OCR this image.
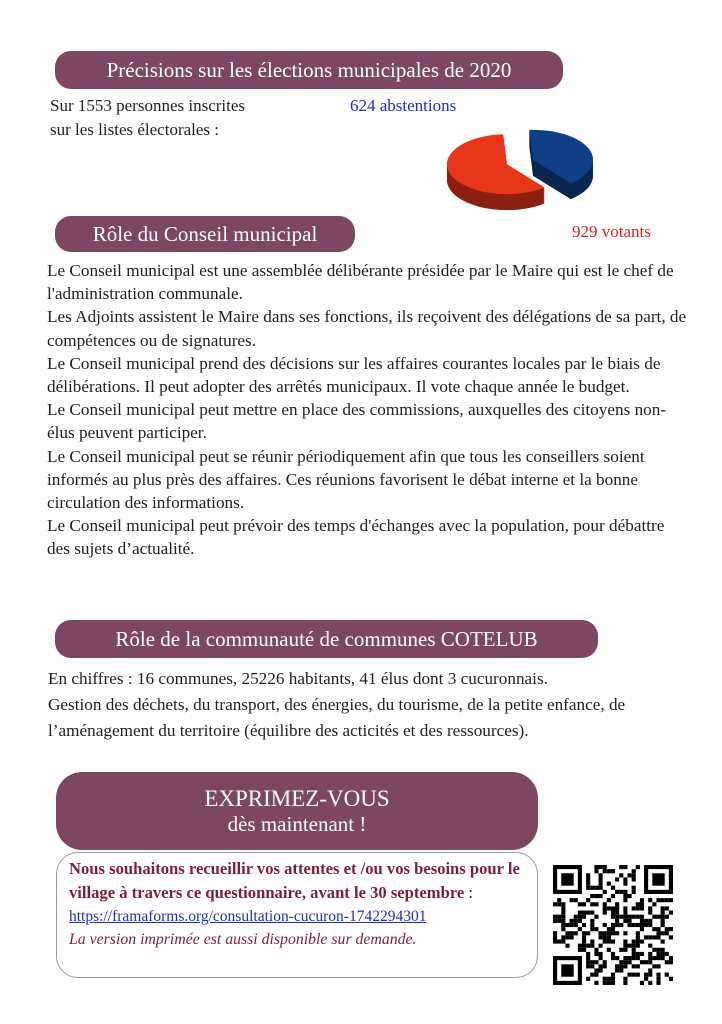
Précisions sur les élections municipales de 2020
Sur 1553 personnes inscrites
sur les listes électorales :
624 abstentions
929 votants
Rôle du Conseil municipal

Le Conseil municipal est une assemblée délibérante présidée par le Maire qui est le chef de l'administration communale.

Les Adjoints assistent le Maire dans ses fonctions, ils reçoivent des délégations de sa part, de compétences ou de signatures.

Le Conseil municipal prend des décisions sur les affaires courantes locales par le biais de délibérations. Il peut adopter des arrêtés municipaux. Il vote chaque année le budget.

Le Conseil municipal peut mettre en place des commissions, auxquelles des citoyens non-élus peuvent participer.

Le Conseil municipal peut se réunir périodiquement afin que tous les conseillers soient informés au plus près des affaires. Ces réunions favorisent le débat interne et la bonne circulation des informations.

Le Conseil municipal peut prévoir des temps d'échanges avec la population, pour débattre des sujets d’actualité.

Rôle de la communauté de communes COTELUB

En chiffres : 16 communes, 25226 habitants, 41 élus dont 3 cucuronnais.

Gestion des déchets, du transport, des énergies, du tourisme, de la petite enfance, de l’aménagement du territoire (équilibre des acticités et des ressources).

EXPRIMEZ-VOUS
dès maintenant !
Nous souhaitons recueillir vos attentes et /ou vos besoins pour le village à travers ce questionnaire, avant le 30 septembre :
https://framaforms.org/consultation-cucuron-1742294301
La version imprimée est aussi disponible sur demande.
